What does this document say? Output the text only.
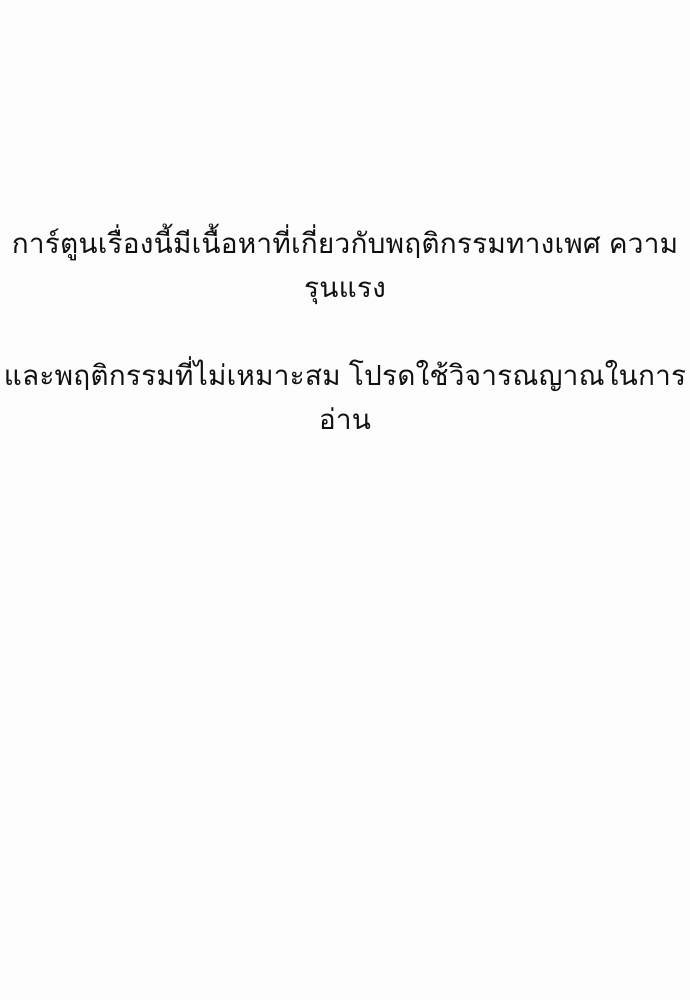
การ์ตูนเรื่องนี้มีเนื้อหาที่เกี่ยวกับพฤติกรรมทางเพศ ความรุนแรง

และพฤติกรรมที่ไม่เหมาะสม โปรดใช้วิจารณญาณในการอ่าน
